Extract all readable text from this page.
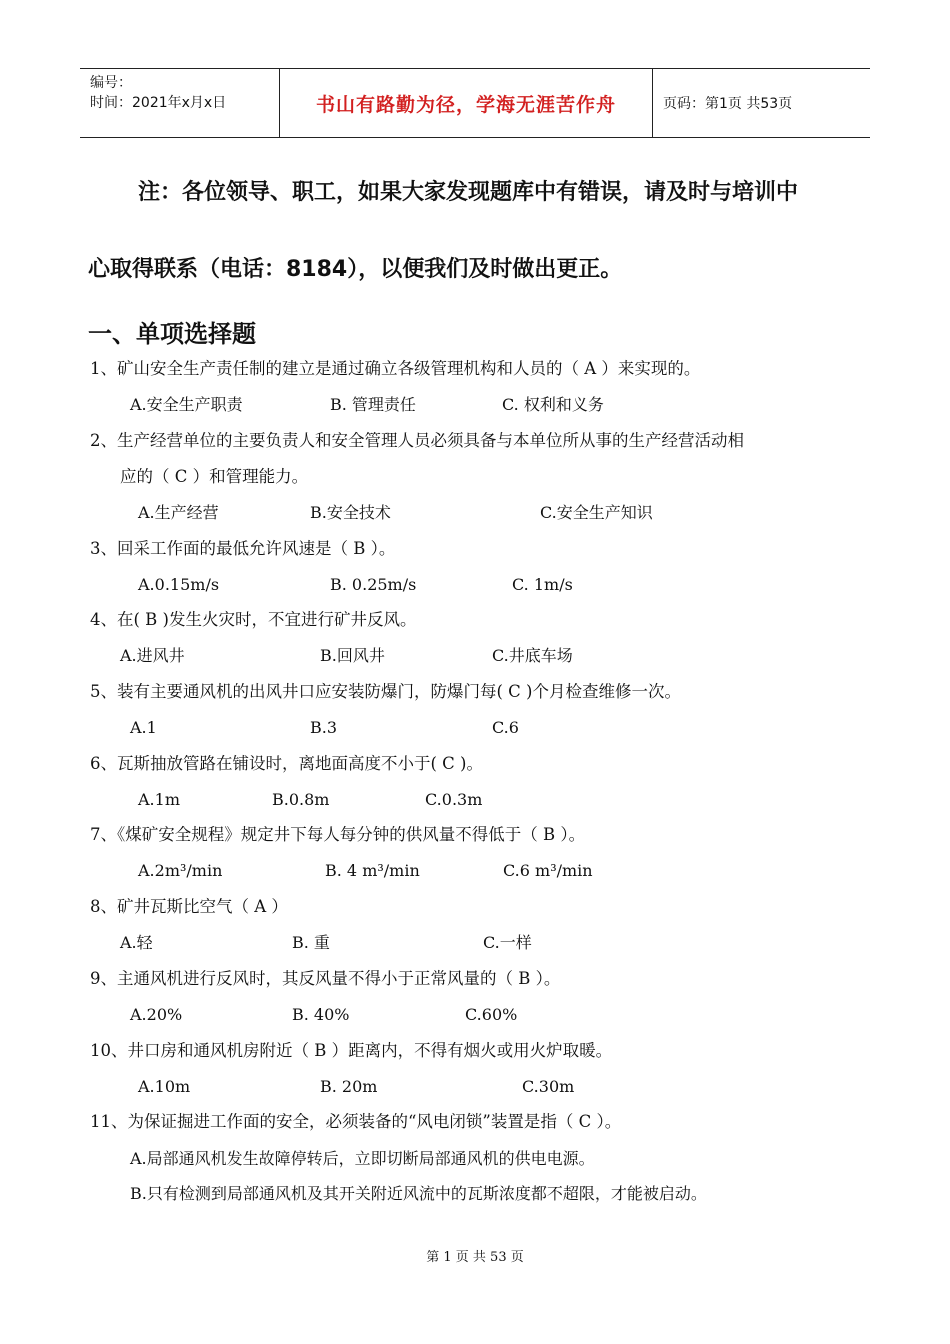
编号：
时间：2021年x月x日	书山有路勤为径，学海无涯苦作舟	页码：第1页 共53页
注：各位领导、职工，如果大家发现题库中有错误，请及时与培训中
心取得联系（电话：8184），以便我们及时做出更正。
一、单项选择题
1、矿山安全生产责任制的建立是通过确立各级管理机构和人员的（ A ）来实现的。
A.安全生产职责	B. 管理责任	C. 权利和义务
2、生产经营单位的主要负责人和安全管理人员必须具备与本单位所从事的生产经营活动相
应的（ C ）和管理能力。
A.生产经营	B.安全技术	C.安全生产知识
3、回采工作面的最低允许风速是（ B ）。
A.0.15m/s	B. 0.25m/s	C. 1m/s
4、在( B )发生火灾时，不宜进行矿井反风。
A.进风井	B.回风井	C.井底车场
5、装有主要通风机的出风井口应安装防爆门，防爆门每( C )个月检查维修一次。
A.1	B.3	C.6
6、瓦斯抽放管路在铺设时，离地面高度不小于( C )。
A.1m	B.0.8m	C.0.3m
7、《煤矿安全规程》规定井下每人每分钟的供风量不得低于（ B ）。
A.2m³/min	B. 4 m³/min	C.6 m³/min
8、矿井瓦斯比空气（ A ）
A.轻	B. 重	C.一样
9、主通风机进行反风时，其反风量不得小于正常风量的（ B ）。
A.20%	B. 40%	C.60%
10、井口房和通风机房附近（ B ）距离内，不得有烟火或用火炉取暖。
A.10m	B. 20m	C.30m
11、为保证掘进工作面的安全，必须装备的“风电闭锁”装置是指（ C ）。
A.局部通风机发生故障停转后，立即切断局部通风机的供电电源。
B.只有检测到局部通风机及其开关附近风流中的瓦斯浓度都不超限，才能被启动。
第 1 页 共 53 页
